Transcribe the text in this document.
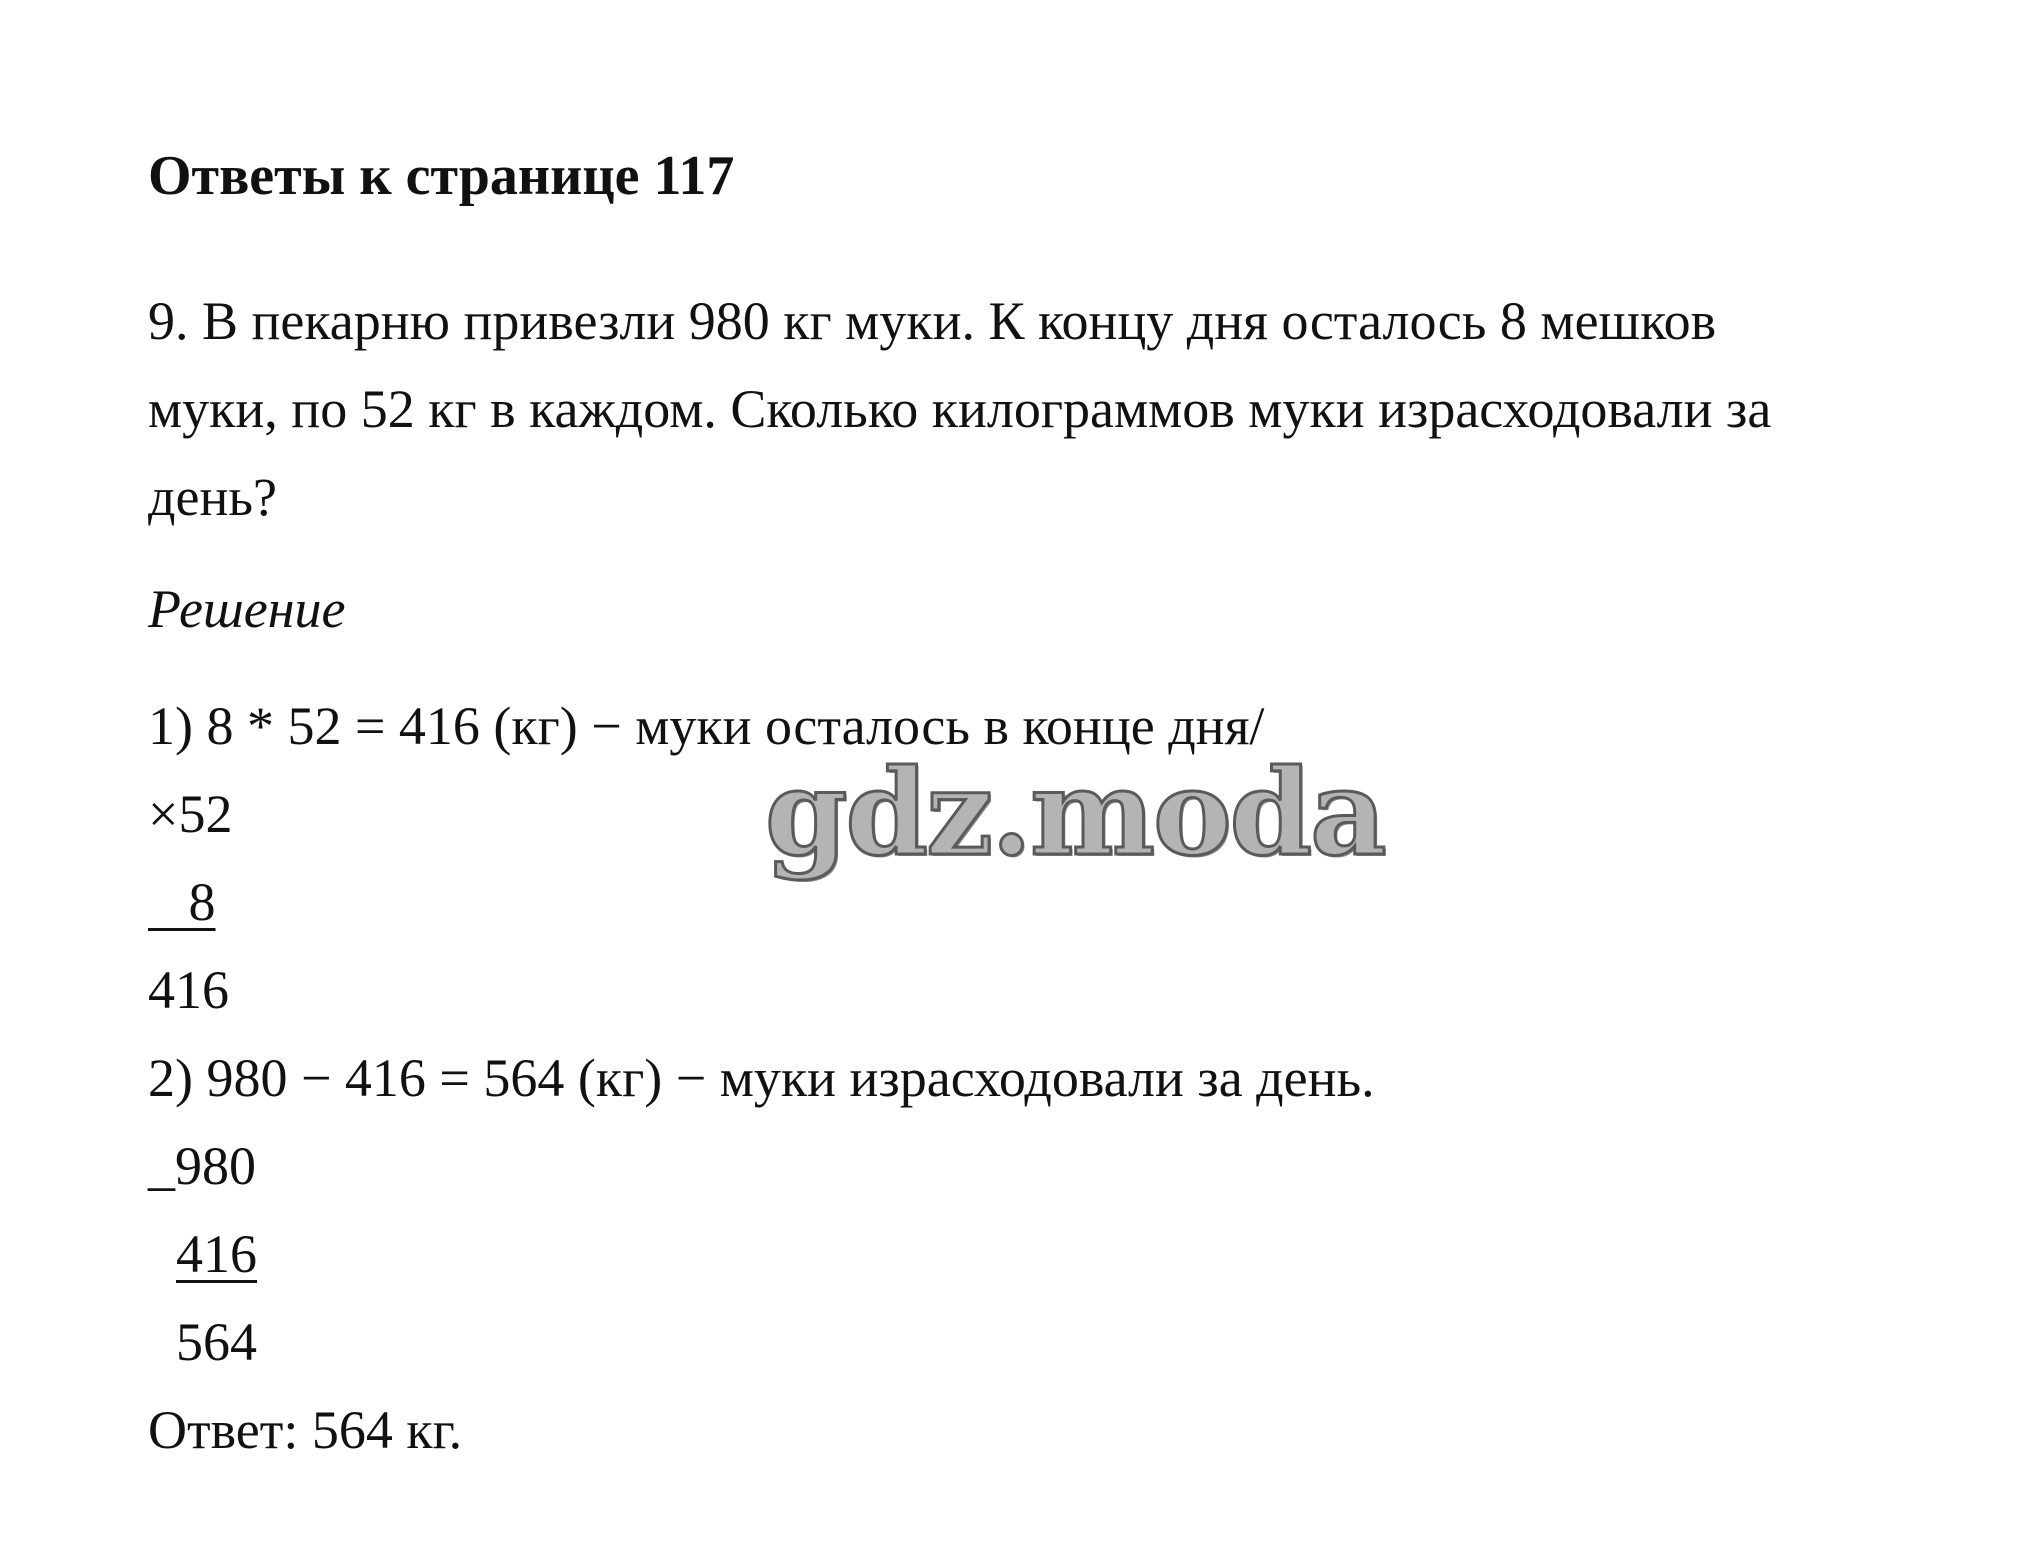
Ответы к странице 117
9. В пекарню привезли 980 кг муки. К концу дня осталось 8 мешков
муки, по 52 кг в каждом. Сколько килограммов муки израсходовали за
день?
Решение
1) 8 * 52 = 416 (кг) − муки осталось в конце дня/
×52
8
416
2) 980 − 416 = 564 (кг) − муки израсходовали за день.
_980
416
564
Ответ: 564 кг.
gdz.moda
